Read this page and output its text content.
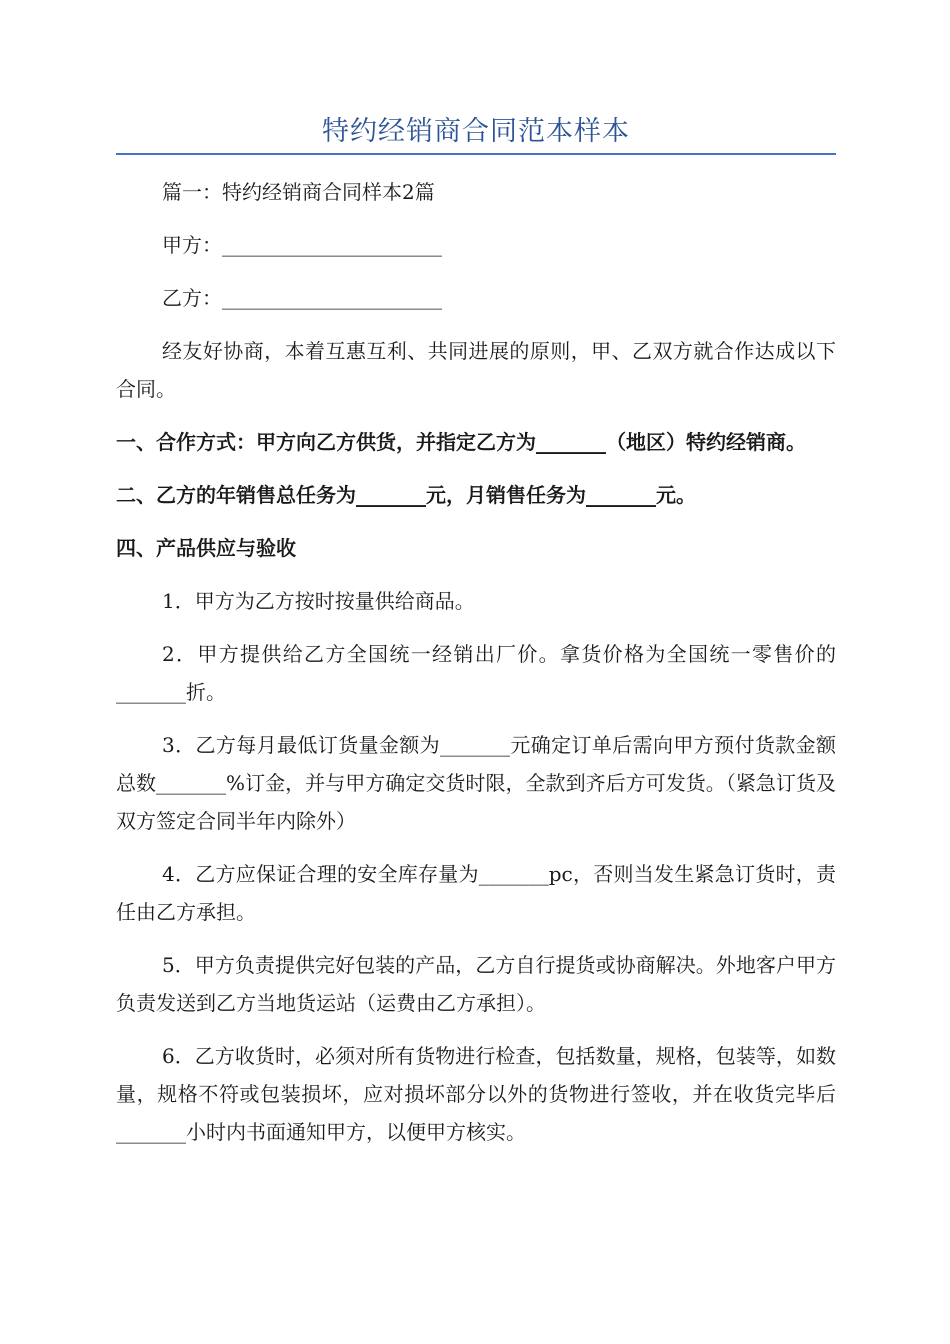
特约经销商合同范本样本

篇一：特约经销商合同样本2篇

甲方：______________________

乙方：______________________

经友好协商，本着互惠互利、共同进展的原则，甲、乙双方就合作达成以下合同。

一、合作方式：甲方向乙方供货，并指定乙方为_______（地区）特约经销商。

二、乙方的年销售总任务为_______元，月销售任务为_______元。

四、产品供应与验收

1．甲方为乙方按时按量供给商品。

2．甲方提供给乙方全国统一经销出厂价。拿货价格为全国统一零售价的_______折。

3．乙方每月最低订货量金额为_______元确定订单后需向甲方预付货款金额总数_______%订金，并与甲方确定交货时限，全款到齐后方可发货。（紧急订货及双方签定合同半年内除外）

4．乙方应保证合理的安全库存量为_______pc，否则当发生紧急订货时，责任由乙方承担。

5．甲方负责提供完好包装的产品，乙方自行提货或协商解决。外地客户甲方负责发送到乙方当地货运站（运费由乙方承担）。

6．乙方收货时，必须对所有货物进行检查，包括数量，规格，包装等，如数量，规格不符或包装损坏，应对损坏部分以外的货物进行签收，并在收货完毕后_______小时内书面通知甲方，以便甲方核实。
